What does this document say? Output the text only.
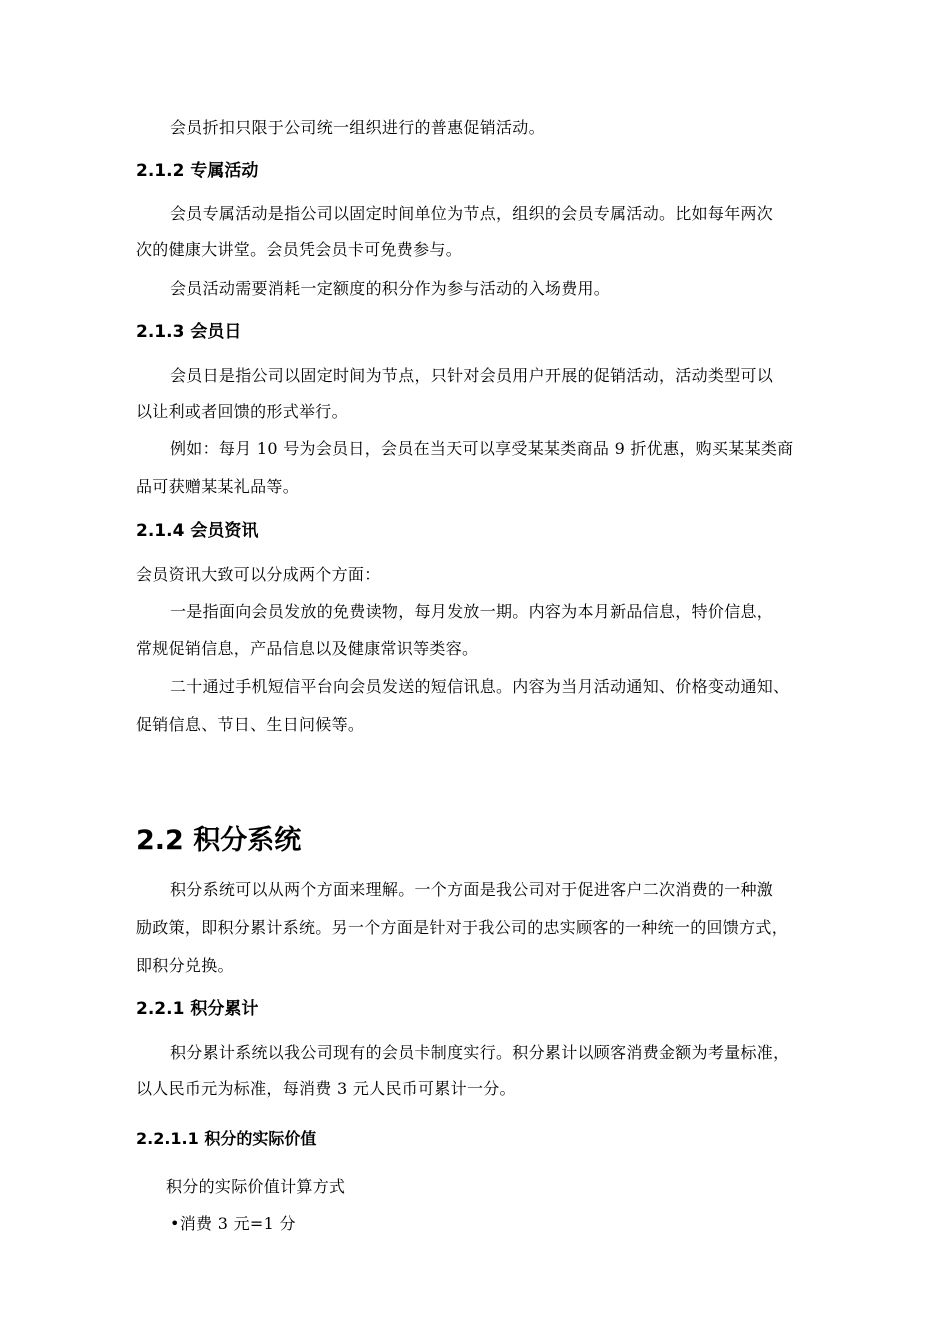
会员折扣只限于公司统一组织进行的普惠促销活动。

2.1.2 专属活动

会员专属活动是指公司以固定时间单位为节点，组织的会员专属活动。比如每年两次

次的健康大讲堂。会员凭会员卡可免费参与。

会员活动需要消耗一定额度的积分作为参与活动的入场费用。

2.1.3 会员日

会员日是指公司以固定时间为节点，只针对会员用户开展的促销活动，活动类型可以

以让利或者回馈的形式举行。

例如：每月 10 号为会员日，会员在当天可以享受某某类商品 9 折优惠，购买某某类商

品可获赠某某礼品等。

2.1.4 会员资讯

会员资讯大致可以分成两个方面：

一是指面向会员发放的免费读物，每月发放一期。内容为本月新品信息，特价信息，

常规促销信息，产品信息以及健康常识等类容。

二十通过手机短信平台向会员发送的短信讯息。内容为当月活动通知、价格变动通知、

促销信息、节日、生日问候等。

2.2 积分系统

积分系统可以从两个方面来理解。一个方面是我公司对于促进客户二次消费的一种激

励政策，即积分累计系统。另一个方面是针对于我公司的忠实顾客的一种统一的回馈方式，

即积分兑换。

2.2.1 积分累计

积分累计系统以我公司现有的会员卡制度实行。积分累计以顾客消费金额为考量标准，

以人民币元为标准，每消费 3 元人民币可累计一分。

2.2.1.1 积分的实际价值

积分的实际价值计算方式

•消费 3 元=1 分
